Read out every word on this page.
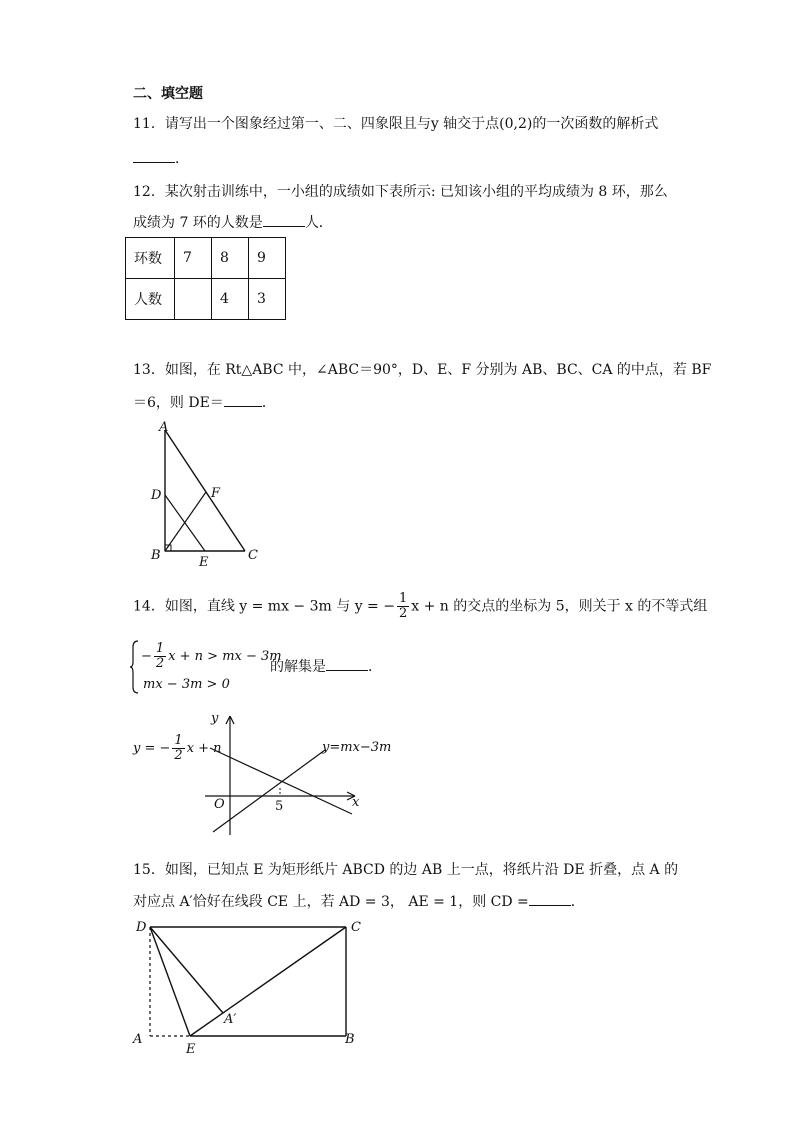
二、填空题
11．请写出一个图象经过第一、二、四象限且与y 轴交于点(0,2)的一次函数的解析式
．
12．某次射击训练中，一小组的成绩如下表所示: 已知该小组的平均成绩为 8 环，那么
成绩为 7 环的人数是	人．
环数	7	8	9
人数		4	3
13．如图，在 Rt△ABC 中，∠ABC＝90°，D、E、F 分别为 AB、BC、CA 的中点，若 BF
＝6，则 DE＝	．
A
D	F
B	E	C
14．如图，直线 y = mx − 3m 与 y = − $\frac{1}{2}$ x + n 的交点的坐标为 5，则关于 x 的不等式组
− $\frac{1}{2}$ x + n > mx − 3m
mx − 3m > 0
的解集是	．
y
x
O	5
y=mx−3m
y = − $\frac{1}{2}$ x + n
15．如图，已知点 E 为矩形纸片 ABCD 的边 AB 上一点，将纸片沿 DE 折叠，点 A 的
对应点 A′恰好在线段 CE 上，若 AD = 3， AE = 1，则 CD =	．
D	C
A
E
B
A′
